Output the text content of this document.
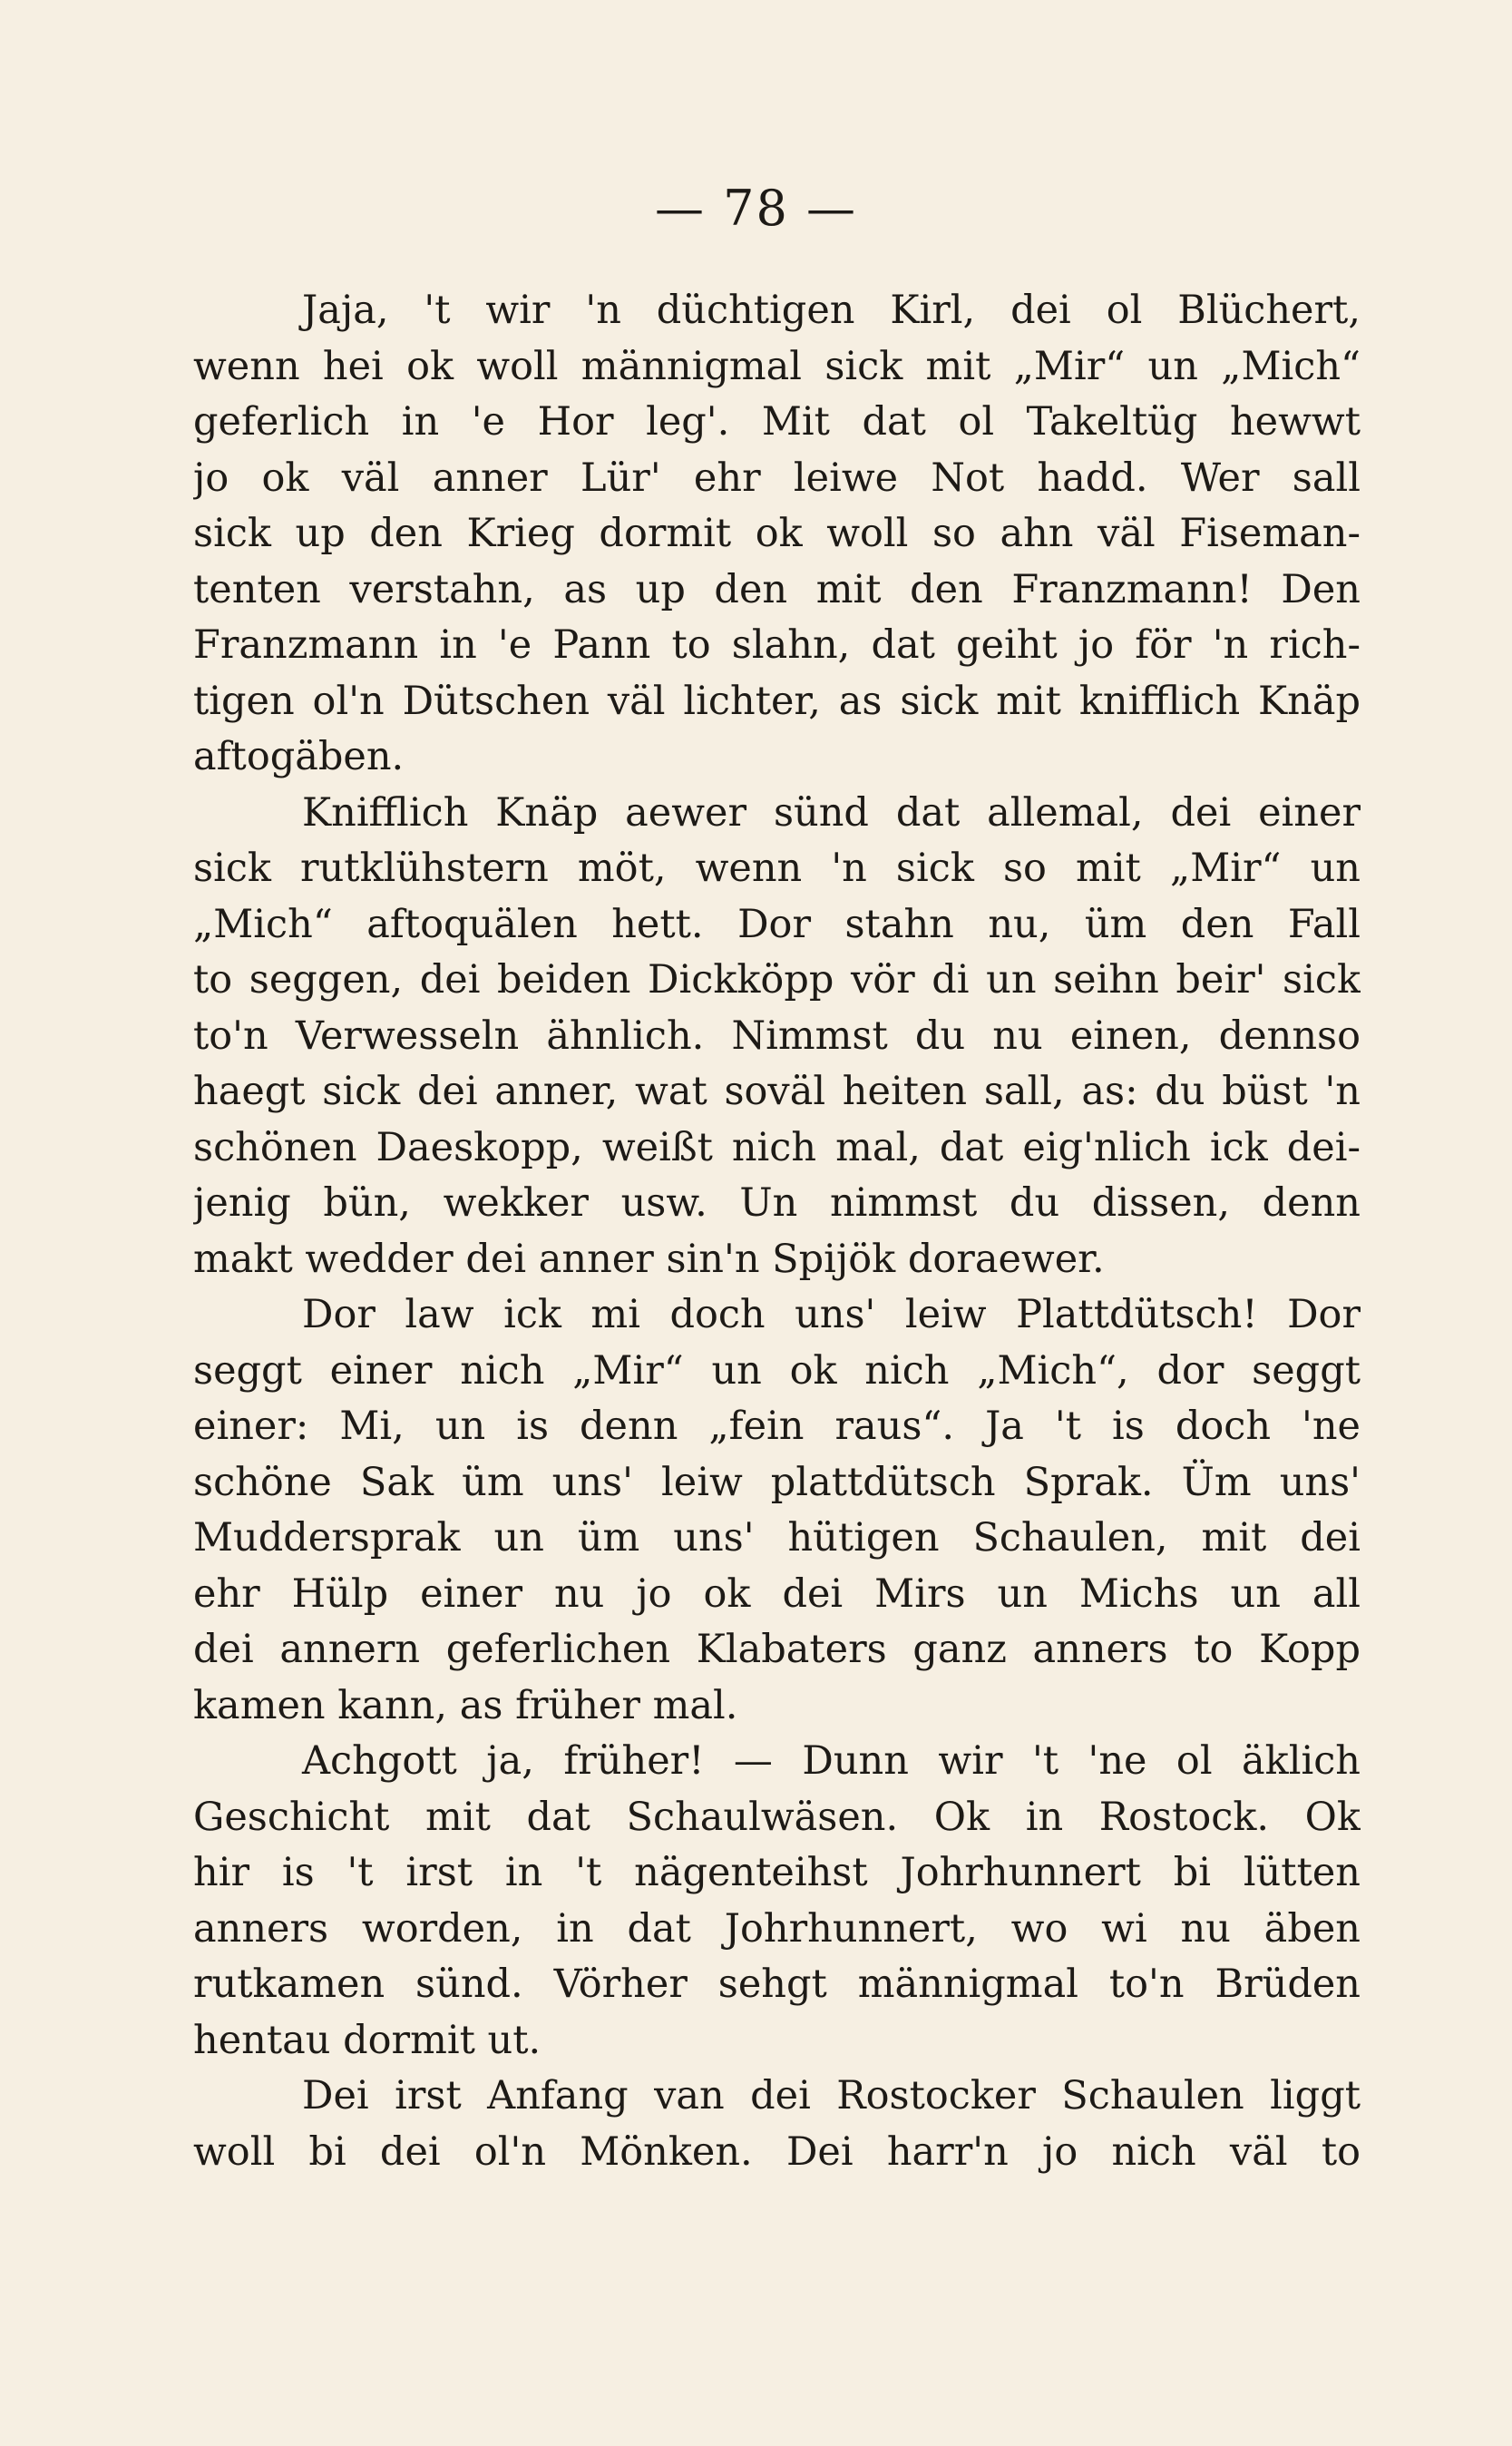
— 78 —
Jaja, 't wir 'n düchtigen Kirl, dei ol Blüchert,
wenn hei ok woll männigmal sick mit „Mir“ un „Mich“
geferlich in 'e Hor leg'. Mit dat ol Takeltüg hewwt
jo ok väl anner Lür' ehr leiwe Not hadd. Wer sall
sick up den Krieg dormit ok woll so ahn väl Fiseman-
tenten verstahn, as up den mit den Franzmann! Den
Franzmann in 'e Pann to slahn, dat geiht jo för 'n rich-
tigen ol'n Dütschen väl lichter, as sick mit knifflich Knäp
aftogäben.
Knifflich Knäp aewer sünd dat allemal, dei einer
sick rutklühstern möt, wenn 'n sick so mit „Mir“ un
„Mich“ aftoquälen hett. Dor stahn nu, üm den Fall
to seggen, dei beiden Dickköpp vör di un seihn beir' sick
to'n Verwesseln ähnlich. Nimmst du nu einen, dennso
haegt sick dei anner, wat soväl heiten sall, as: du büst 'n
schönen Daeskopp, weißt nich mal, dat eig'nlich ick dei-
jenig bün, wekker usw. Un nimmst du dissen, denn
makt wedder dei anner sin'n Spijök doraewer.
Dor law ick mi doch uns' leiw Plattdütsch! Dor
seggt einer nich „Mir“ un ok nich „Mich“, dor seggt
einer: Mi, un is denn „fein raus“. Ja 't is doch 'ne
schöne Sak üm uns' leiw plattdütsch Sprak. Üm uns'
Muddersprak un üm uns' hütigen Schaulen, mit dei
ehr Hülp einer nu jo ok dei Mirs un Michs un all
dei annern geferlichen Klabaters ganz anners to Kopp
kamen kann, as früher mal.
Achgott ja, früher! — Dunn wir 't 'ne ol äklich
Geschicht mit dat Schaulwäsen. Ok in Rostock. Ok
hir is 't irst in 't nägenteihst Johrhunnert bi lütten
anners worden, in dat Johrhunnert, wo wi nu äben
rutkamen sünd. Vörher sehgt männigmal to'n Brüden
hentau dormit ut.
Dei irst Anfang van dei Rostocker Schaulen liggt
woll bi dei ol'n Mönken. Dei harr'n jo nich väl to
